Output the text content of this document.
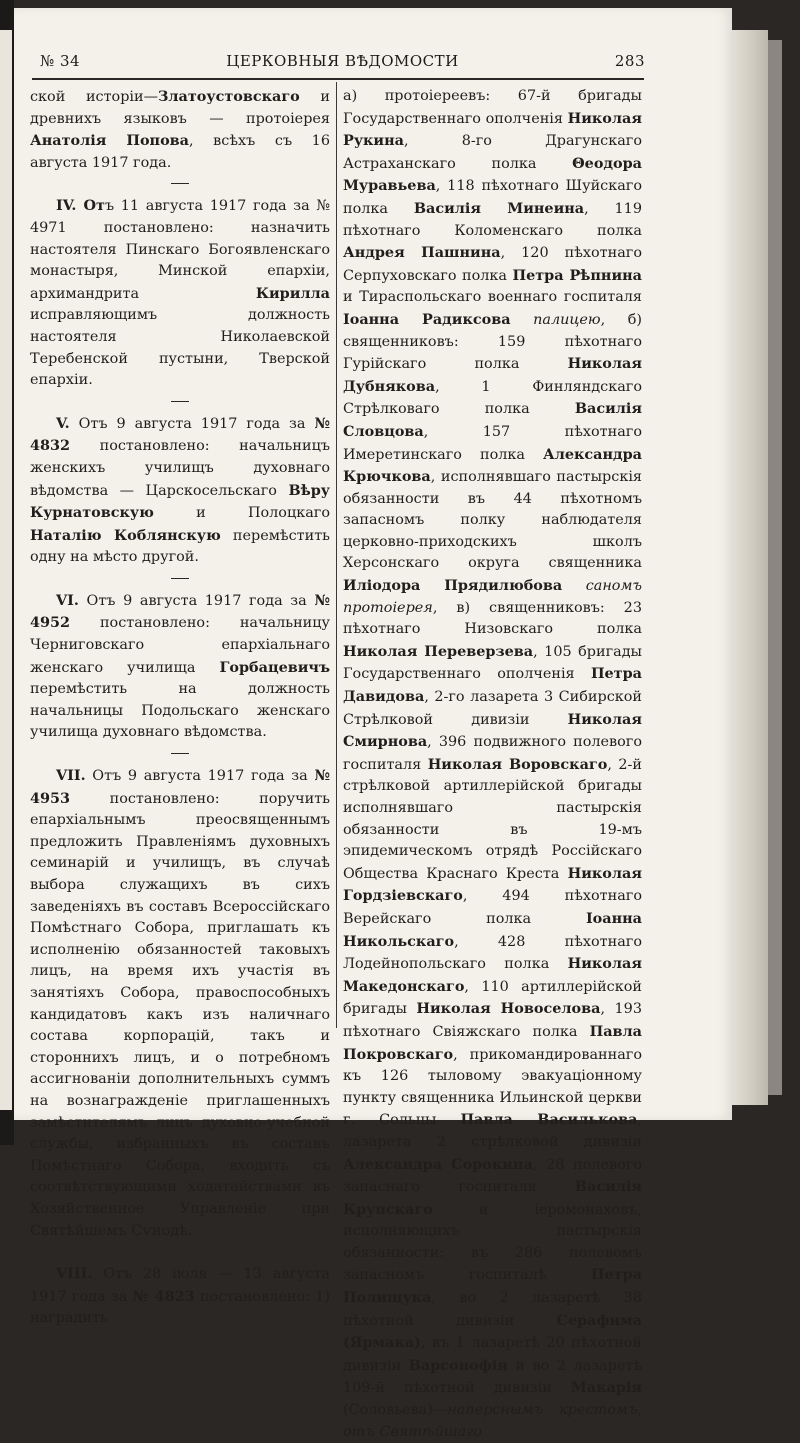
№ 34	ЦЕРКОВНЫЯ ВѢДОМОСТИ	283

ской исторіи—Златоустовскаго и древнихъ языковъ — протоіерея Анатолія Попова, всѣхъ съ 16 августа 1917 года.

IV. Отъ 11 августа 1917 года за № 4971 постановлено: назначить настоятеля Пинскаго Богоявленскаго монастыря, Минской епархіи, архимандрита Кирилла исправляющимъ должность настоятеля Николаевской Теребенской пустыни, Тверской епархіи.

V. Отъ 9 августа 1917 года за № 4832 постановлено: начальницъ женскихъ училищъ духовнаго вѣдомства — Царскосельскаго Вѣру Курнатовскую и Полоцкаго Наталію Коблянскую перемѣстить одну на мѣсто другой.

VI. Отъ 9 августа 1917 года за № 4952 постановлено: начальницу Черниговскаго епархіальнаго женскаго училища Горбацевичъ перемѣстить на должность начальницы Подольскаго женскаго училища духовнаго вѣдомства.

VII. Отъ 9 августа 1917 года за № 4953 постановлено: поручить епархіальнымъ преосвященнымъ предложить Правленіямъ духовныхъ семинарій и училищъ, въ случаѣ выбора служащихъ въ сихъ заведеніяхъ въ составъ Всероссійскаго Помѣстнаго Собора, приглашать къ исполненію обязанностей таковыхъ лицъ, на время ихъ участія въ занятіяхъ Собора, правоспособныхъ кандидатовъ какъ изъ наличнаго состава корпорацій, такъ и стороннихъ лицъ, и о потребномъ ассигнованіи дополнительныхъ суммъ на вознагражденіе приглашенныхъ замѣстителямъ лицъ духовно-учебной службы, избранныхъ въ составъ Помѣстнаго Собора, входить съ соотвѣтствующими ходатайствами въ Хозяйственное Управленіе при Святѣйшемъ Сѵнодѣ.

VIII. Отъ 28 іюля — 13 августа 1917 года за № 4823 постановлено: 1) наградить

а) протоіереевъ: 67-й бригады Государственнаго ополченія Николая Рукина, 8-го Драгунскаго Астраханскаго полка Θеодора Муравьева, 118 пѣхотнаго Шуйскаго полка Василія Минеина, 119 пѣхотнаго Коломенскаго полка Андрея Пашнина, 120 пѣхотнаго Серпуховскаго полка Петра Рѣпнина и Тираспольскаго военнаго госпиталя Іоанна Радиксова палицею, б) священниковъ: 159 пѣхотнаго Гурійскаго полка Николая Дубнякова, 1 Финляндскаго Стрѣлковаго полка Василія Словцова, 157 пѣхотнаго Имеретинскаго полка Александра Крючкова, исполнявшаго пастырскія обязанности въ 44 пѣхотномъ запасномъ полку наблюдателя церковно-приходскихъ школъ Херсонскаго округа священника Иліодора Прядилюбова саномъ протоіерея, в) священниковъ: 23 пѣхотнаго Низовскаго полка Николая Переверзева, 105 бригады Государственнаго ополченія Петра Давидова, 2-го лазарета 3 Сибирской Стрѣлковой дивизіи Николая Смирнова, 396 подвижного полевого госпиталя Николая Воровскаго, 2-й стрѣлковой артиллерійской бригады исполнявшаго пастырскія обязанности въ 19-мъ эпидемическомъ отрядѣ Россійскаго Общества Краснаго Креста Николая Гордзіевскаго, 494 пѣхотнаго Верейскаго полка Іоанна Никольскаго, 428 пѣхотнаго Лодейнопольскаго полка Николая Македонскаго, 110 артиллерійской бригады Николая Новоселова, 193 пѣхотнаго Свіяжскаго полка Павла Покровскаго, прикомандированнаго къ 126 тыловому эвакуаціонному пункту священника Ильинской церкви г. Сольцы Павла Василькова, лазарета 2 стрѣлковой дивизіи Александра Сорокина, 28 полевого запаснаго госпиталя Василія Крупскаго и іеромонаховъ, исполняющихъ пастырскія обязанности: въ 286 полевомъ запасномъ госпиталѣ Петра Полищука, во 2 лазаретѣ 38 пѣхотной дивизіи Серафима (Ярмака), въ 1 лазаретѣ 20 пѣхотной дивизіи Варсонофія и во 2 лазаретѣ 109-й пѣхотной дивизіи Макарія (Соловьева)—наперснымъ крестомъ, отъ Святѣйшаго
